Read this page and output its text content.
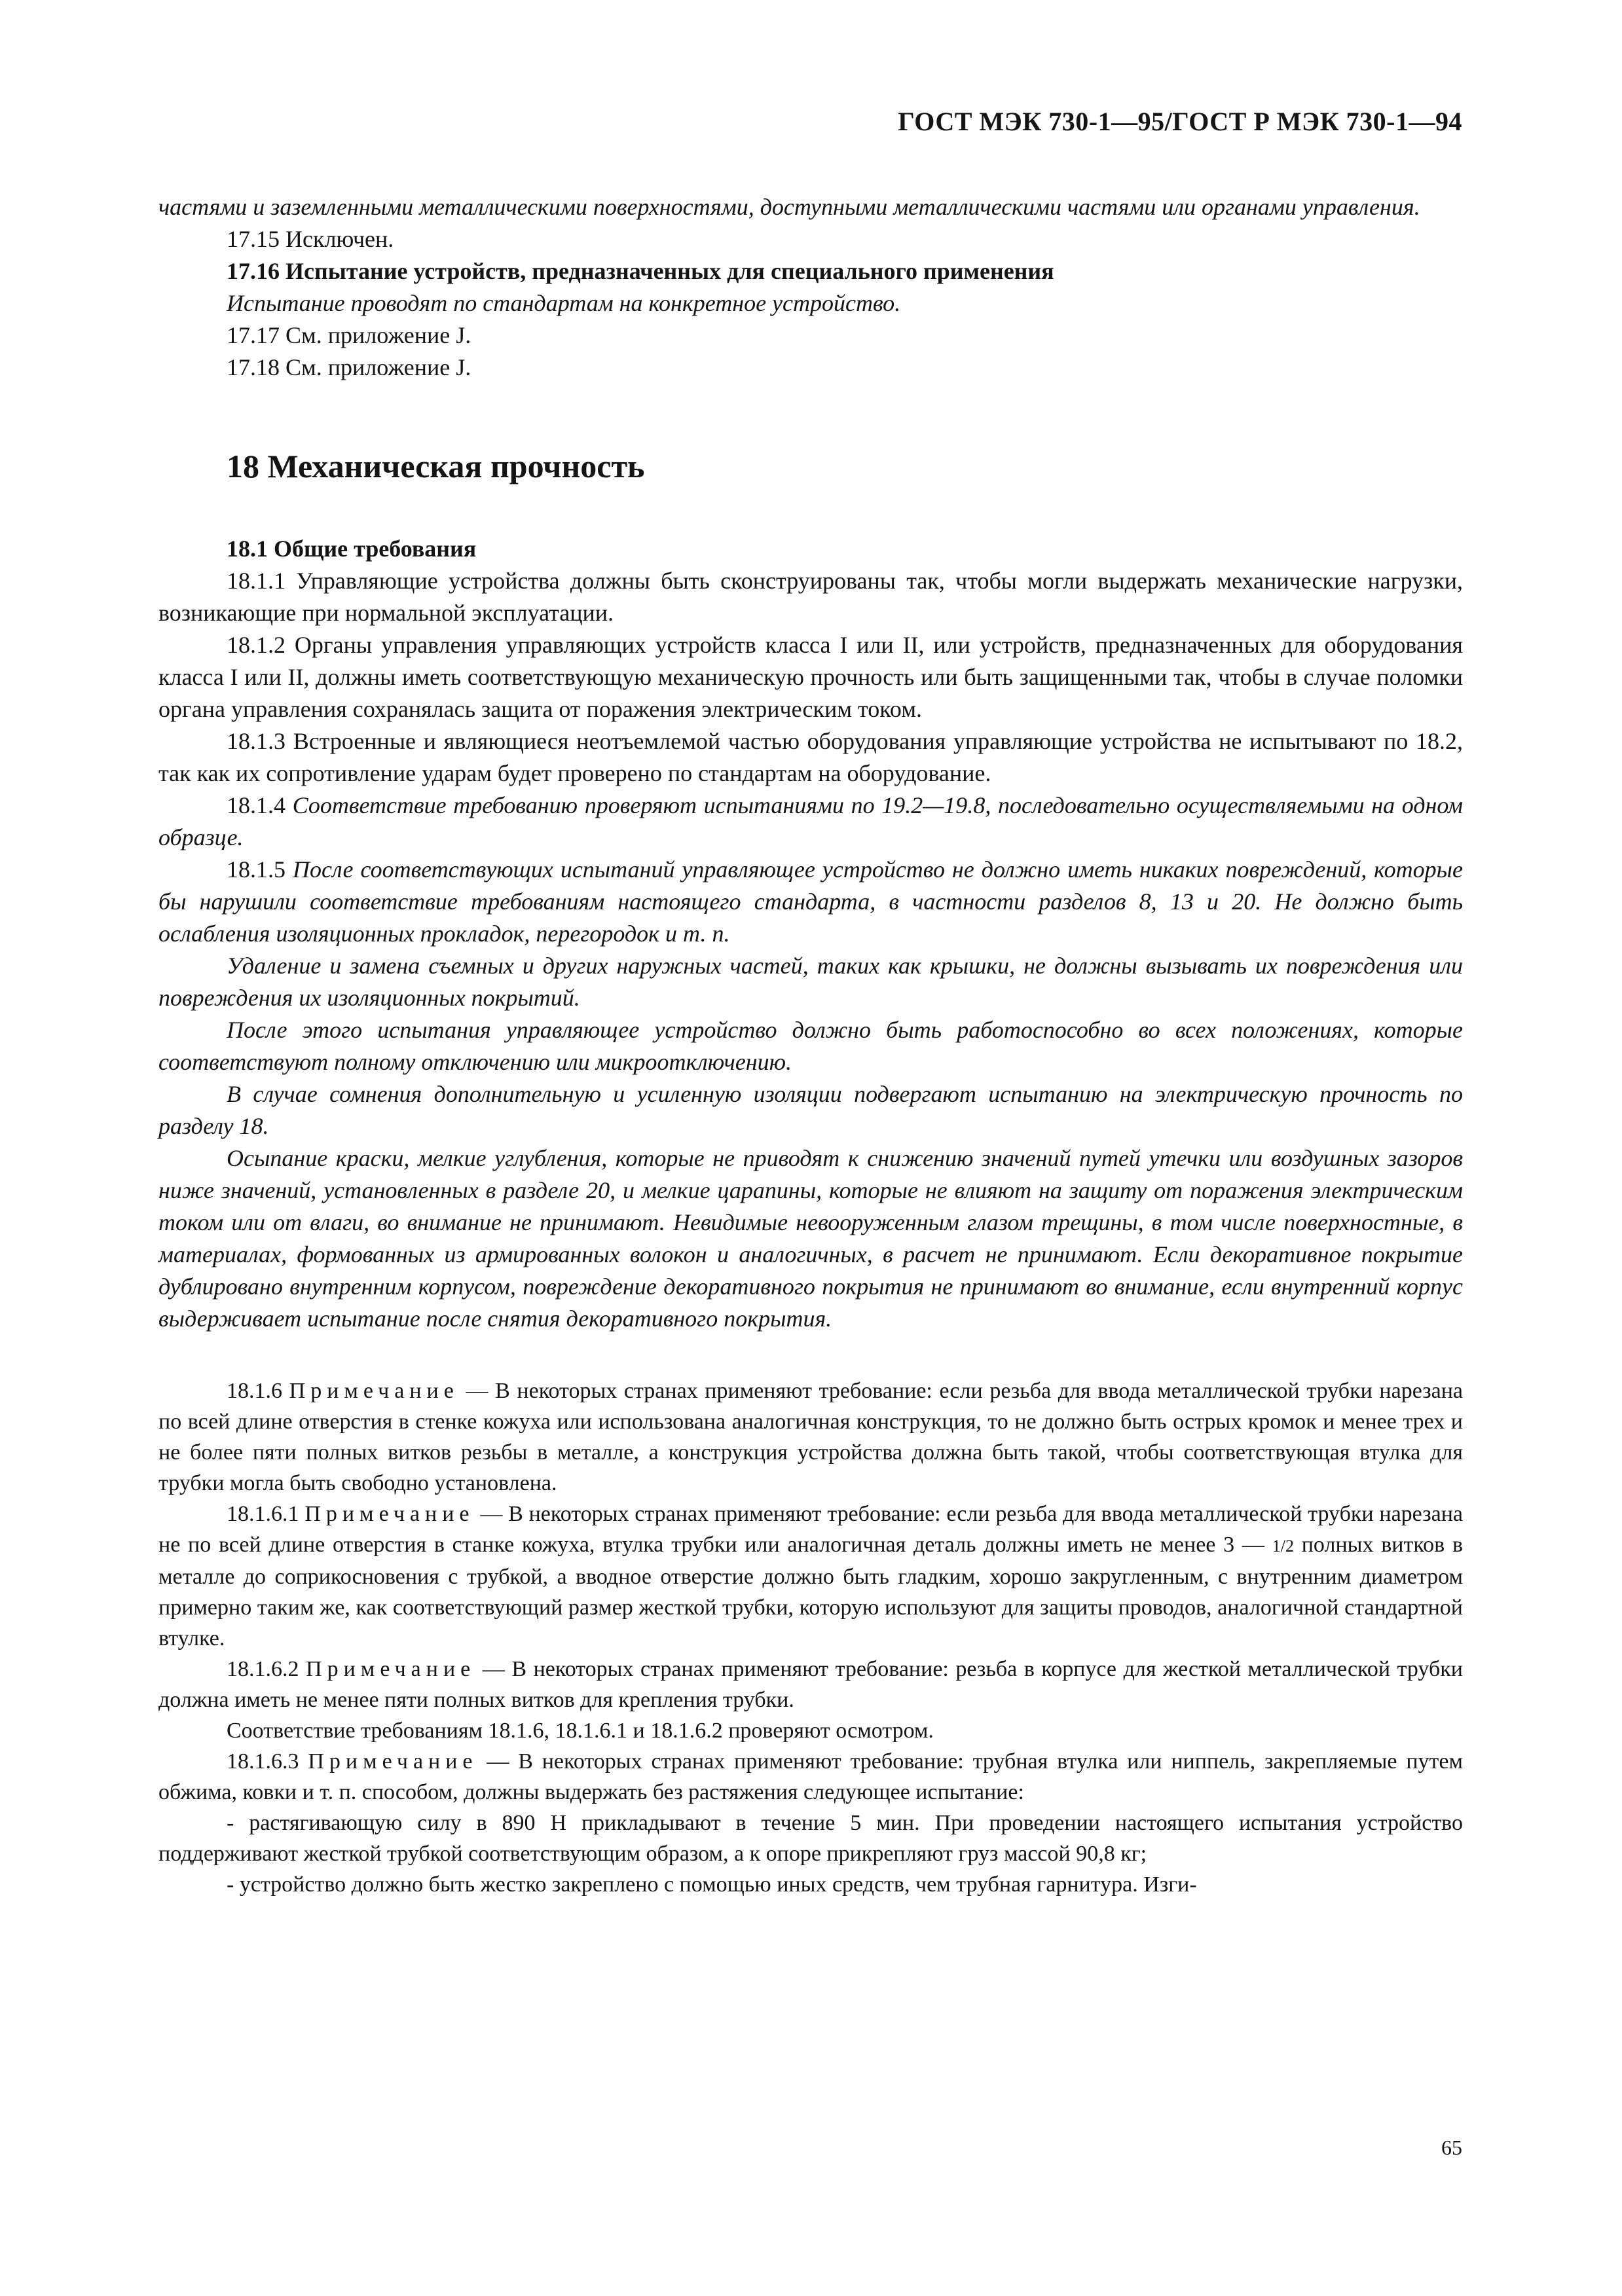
ГОСТ МЭК 730-1—95/ГОСТ Р МЭК 730-1—94

частями и заземленными металлическими поверхностями, доступными металлическими частями или органами управления.

17.15 Исключен.

17.16 Испытание устройств, предназначенных для специального применения

Испытание проводят по стандартам на конкретное устройство.

17.17 См. приложение J.

17.18 См. приложение J.

18 Механическая прочность

18.1 Общие требования

18.1.1 Управляющие устройства должны быть сконструированы так, чтобы могли выдержать механические нагрузки, возникающие при нормальной эксплуатации.

18.1.2 Органы управления управляющих устройств класса I или II, или устройств, предназначенных для оборудования класса I или II, должны иметь соответствующую механическую прочность или быть защищенными так, чтобы в случае поломки органа управления сохранялась защита от поражения электрическим током.

18.1.3 Встроенные и являющиеся неотъемлемой частью оборудования управляющие устройства не испытывают по 18.2, так как их сопротивление ударам будет проверено по стандартам на оборудование.

18.1.4 Соответствие требованию проверяют испытаниями по 19.2—19.8, последовательно осуществляемыми на одном образце.

18.1.5 После соответствующих испытаний управляющее устройство не должно иметь никаких повреждений, которые бы нарушили соответствие требованиям настоящего стандарта, в частности разделов 8, 13 и 20. Не должно быть ослабления изоляционных прокладок, перегородок и т. п.

Удаление и замена съемных и других наружных частей, таких как крышки, не должны вызывать их повреждения или повреждения их изоляционных покрытий.

После этого испытания управляющее устройство должно быть работоспособно во всех положениях, которые соответствуют полному отключению или микроотключению.

В случае сомнения дополнительную и усиленную изоляции подвергают испытанию на электрическую прочность по разделу 18.

Осыпание краски, мелкие углубления, которые не приводят к снижению значений путей утечки или воздушных зазоров ниже значений, установленных в разделе 20, и мелкие царапины, которые не влияют на защиту от поражения электрическим током или от влаги, во внимание не принимают. Невидимые невооруженным глазом трещины, в том числе поверхностные, в материалах, формованных из армированных волокон и аналогичных, в расчет не принимают. Если декоративное покрытие дублировано внутренним корпусом, повреждение декоративного покрытия не принимают во внимание, если внутренний корпус выдерживает испытание после снятия декоративного покрытия.

18.1.6 Примечание — В некоторых странах применяют требование: если резьба для ввода металлической трубки нарезана по всей длине отверстия в стенке кожуха или использована аналогичная конструкция, то не должно быть острых кромок и менее трех и не более пяти полных витков резьбы в металле, а конструкция устройства должна быть такой, чтобы соответствующая втулка для трубки могла быть свободно установлена.

18.1.6.1 Примечание — В некоторых странах применяют требование: если резьба для ввода металлической трубки нарезана не по всей длине отверстия в станке кожуха, втулка трубки или аналогичная деталь должны иметь не менее 3 — 1/2 полных витков в металле до соприкосновения с трубкой, а вводное отверстие должно быть гладким, хорошо закругленным, с внутренним диаметром примерно таким же, как соответствующий размер жесткой трубки, которую используют для защиты проводов, аналогичной стандартной втулке.

18.1.6.2 Примечание — В некоторых странах применяют требование: резьба в корпусе для жесткой металлической трубки должна иметь не менее пяти полных витков для крепления трубки.

Соответствие требованиям 18.1.6, 18.1.6.1 и 18.1.6.2 проверяют осмотром.

18.1.6.3 Примечание — В некоторых странах применяют требование: трубная втулка или ниппель, закрепляемые путем обжима, ковки и т. п. способом, должны выдержать без растяжения следующее испытание:

- растягивающую силу в 890 Н прикладывают в течение 5 мин. При проведении настоящего испытания устройство поддерживают жесткой трубкой соответствующим образом, а к опоре прикрепляют груз массой 90,8 кг;

- устройство должно быть жестко закреплено с помощью иных средств, чем трубная гарнитура. Изги-

65
